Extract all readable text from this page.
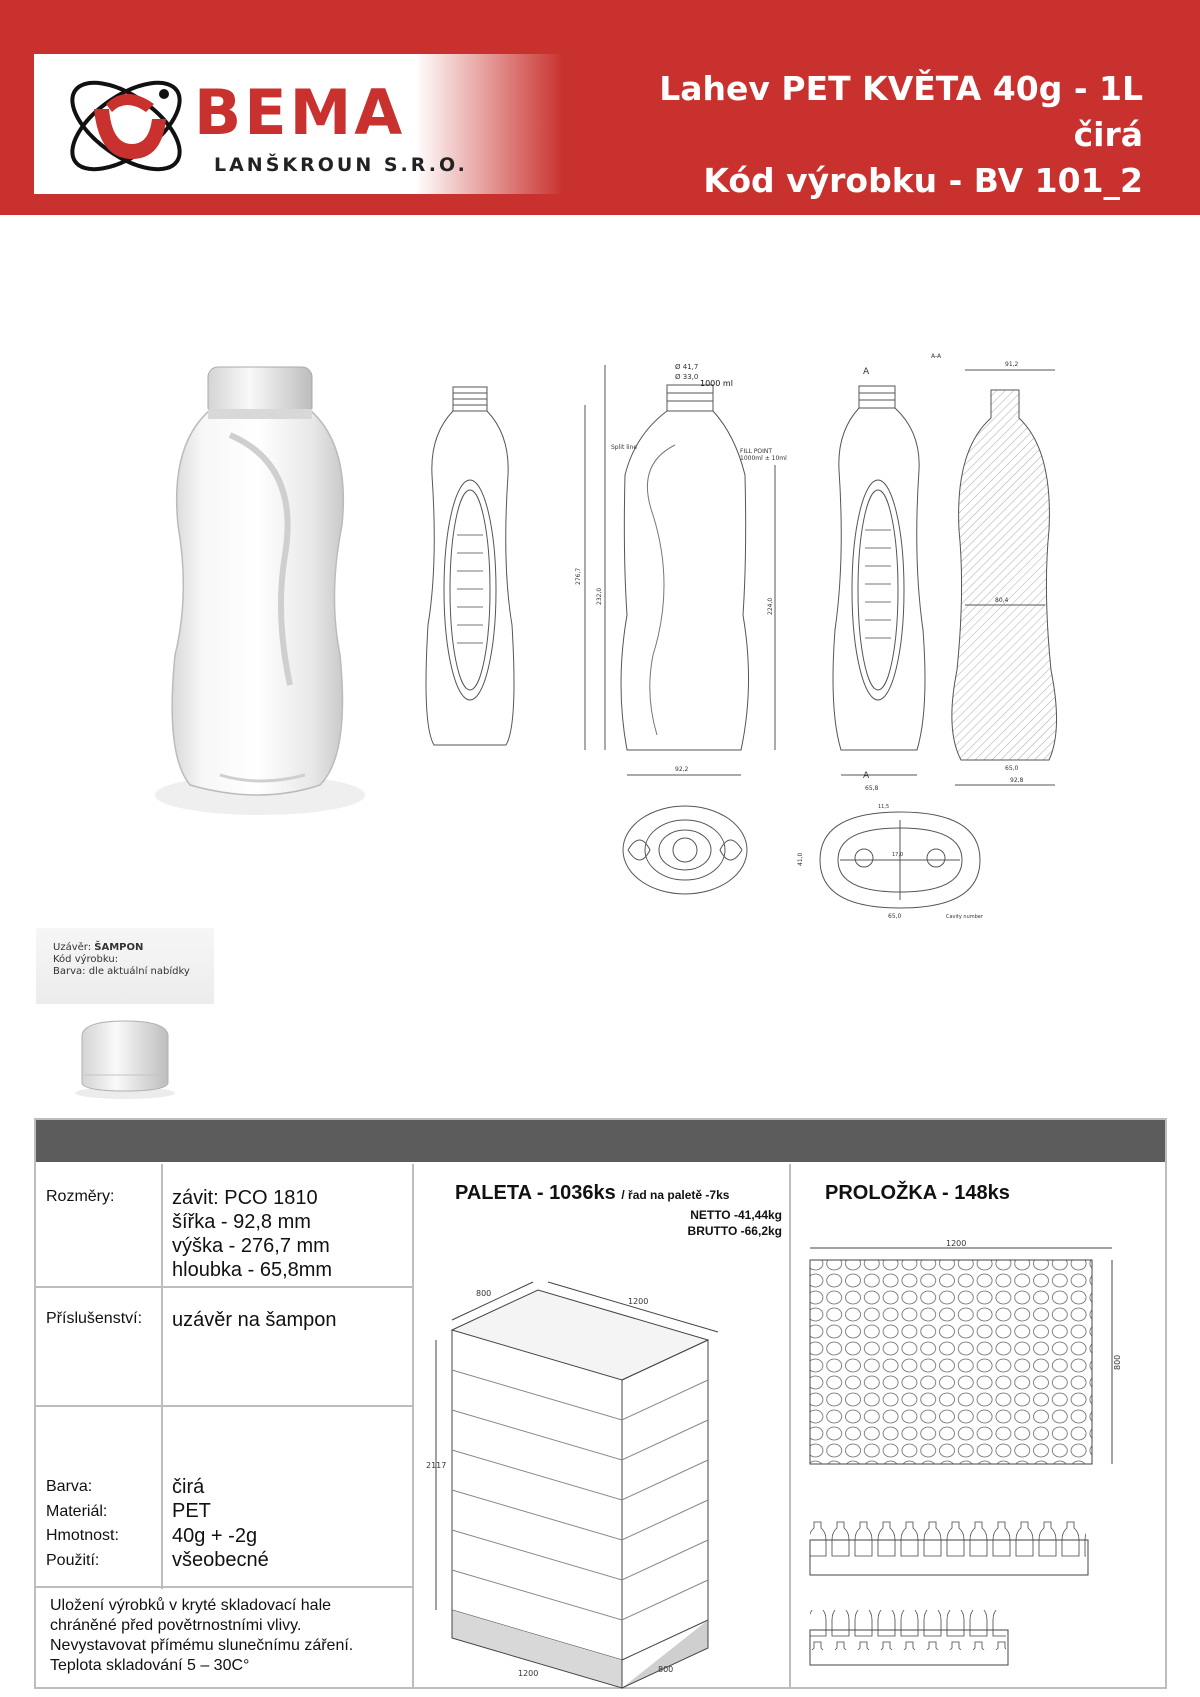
BEMA
LANŠKROUN S.R.O.
Lahev PET KVĚTA 40g - 1L
čirá
Kód výrobku - BV 101_2
Ø 41,7
Ø 33,0
1000 ml
Split line
FILL POINT
1000ml ± 10ml
276,7
232,0
224,0
92,2
A
A
65,8
A-A
91,2
80,4
65,0
92,8
41,0
65,0
17,0
11,5
Cavity number
Uzávěr: ŠAMPON
Kód výrobku:
Barva: dle aktuální nabídky
Rozměry:	závit: PCO 1810
šířka - 92,8 mm
výška - 276,7 mm
hloubka - 65,8mm
Příslušenství: uzávěr na šampon
Barva:	čirá
Materiál:	PET
Hmotnost:	40g + -2g
Použití:	všeobecné
Uložení výrobků v kryté skladovací hale
chráněné před povětrnostními vlivy.
Nevystavovat přímému slunečnímu záření.
Teplota skladování 5 – 30C°
PALETA - 1036ks / řad na paletě -7ks
NETTO -41,44kg
BRUTTO -66,2kg
800
1200
2117
1200	800
PROLOŽKA - 148ks
1200
800
